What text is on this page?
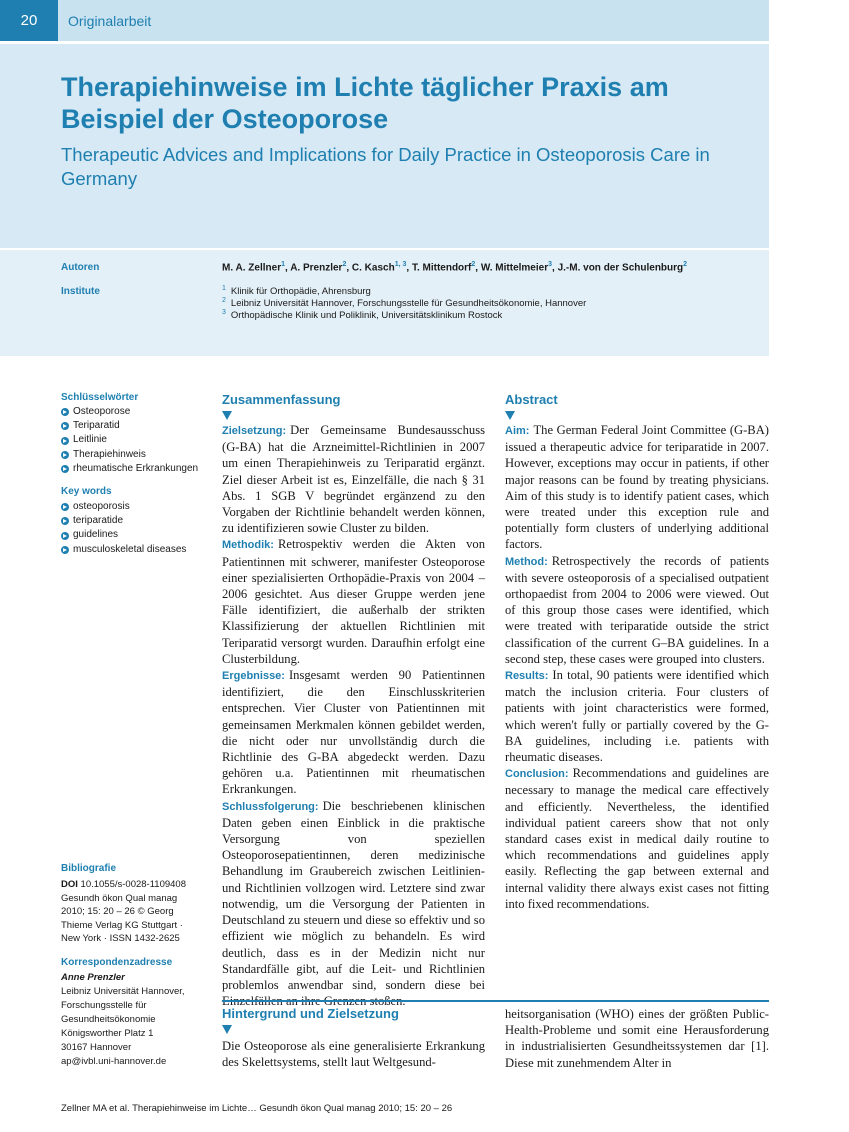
20	Originalarbeit
Therapiehinweise im Lichte täglicher Praxis am Beispiel der Osteoporose
Therapeutic Advices and Implications for Daily Practice in Osteoporosis Care in Germany
Autoren
Institute
M. A. Zellner$^1$, A. Prenzler$^2$, C. Kasch$^{1, 3}$, T. Mittendorf$^2$, W. Mittelmeier$^3$, J.-M. von der Schulenburg$^2$
$^1$ Klinik für Orthopädie, Ahrensburg
$^2$ Leibniz Universität Hannover, Forschungsstelle für Gesundheitsökonomie, Hannover
$^3$ Orthopädische Klinik und Poliklinik, Universitätsklinikum Rostock
Schlüsselwörter
Osteoporose
Teriparatid
Leitlinie
Therapiehinweis
rheumatische Erkrankungen
Key words
osteoporosis
teriparatide
guidelines
musculoskeletal diseases
Bibliografie
DOI 10.1055/s-0028-1109408
Gesundh ökon Qual manag
2010; 15: 20 – 26 © Georg
Thieme Verlag KG Stuttgart ·
New York · ISSN 1432-2625
Korrespondenzadresse
Anne Prenzler
Leibniz Universität Hannover,
Forschungsstelle für
Gesundheitsökonomie
Königsworther Platz 1
30167 Hannover
ap@ivbl.uni-hannover.de
Zusammenfassung
Zielsetzung: Der Gemeinsame Bundesausschuss (G-BA) hat die Arzneimittel-Richtlinien in 2007 um einen Therapiehinweis zu Teriparatid ergänzt. Ziel dieser Arbeit ist es, Einzelfälle, die nach § 31 Abs. 1 SGB V begründet ergänzend zu den Vorgaben der Richtlinie behandelt werden können, zu identifizieren sowie Cluster zu bilden.
Methodik: Retrospektiv werden die Akten von Patientinnen mit schwerer, manifester Osteoporose einer spezialisierten Orthopädie-Praxis von 2004 – 2006 gesichtet. Aus dieser Gruppe werden jene Fälle identifiziert, die außerhalb der strikten Klassifizierung der aktuellen Richtlinien mit Teriparatid versorgt wurden. Daraufhin erfolgt eine Clusterbildung.
Ergebnisse: Insgesamt werden 90 Patientinnen identifiziert, die den Einschlusskriterien entsprechen. Vier Cluster von Patientinnen mit gemeinsamen Merkmalen können gebildet werden, die nicht oder nur unvollständig durch die Richtlinie des G-BA abgedeckt werden. Dazu gehören u.a. Patientinnen mit rheumatischen Erkrankungen.
Schlussfolgerung: Die beschriebenen klinischen Daten geben einen Einblick in die praktische Versorgung von speziellen Osteoporosepatientinnen, deren medizinische Behandlung im Graubereich zwischen Leitlinien- und Richtlinien vollzogen wird. Letztere sind zwar notwendig, um die Versorgung der Patienten in Deutschland zu steuern und diese so effektiv und so effizient wie möglich zu behandeln. Es wird deutlich, dass es in der Medizin nicht nur Standardfälle gibt, auf die Leit- und Richtlinien problemlos anwendbar sind, sondern diese bei
Abstract
Aim: The German Federal Joint Committee (G-BA) issued a therapeutic advice for teriparatide in 2007. However, exceptions may occur in patients, if other major reasons can be found by treating physicians. Aim of this study is to identify patient cases, which were treated under this exception rule and potentially form clusters of underlying additional factors.
Method: Retrospectively the records of patients with severe osteoporosis of a specialised outpatient orthopaedist from 2004 to 2006 were viewed. Out of this group those cases were identified, which were treated with teriparatide outside the strict classification of the current G–BA guidelines. In a second step, these cases were grouped into clusters.
Results: In total, 90 patients were identified which match the inclusion criteria. Four clusters of patients with joint characteristics were formed, which weren't fully or partially covered by the G-BA guidelines, including i.e. patients with rheumatic diseases.
Conclusion: Recommendations and guidelines are necessary to manage the medical care effectively and efficiently. Nevertheless, the identified individual patient careers show that not only standard cases exist in medical daily routine to which recommendations and guidelines apply easily. Reflecting the gap between external and internal validity there always exist cases not fitting into fixed recommendations.
Hintergrund und Zielsetzung
Die Osteoporose als eine generalisierte Erkrankung des Skelettsystems, stellt laut Weltgesund-
heitsorganisation (WHO) eines der größten Public-Health-Probleme und somit eine Herausforderung in industrialisierten Gesundheitssystemen dar [1]. Diese mit zunehmendem Alter in
Zellner MA et al. Therapiehinweise im Lichte… Gesundh ökon Qual manag 2010; 15: 20 – 26
